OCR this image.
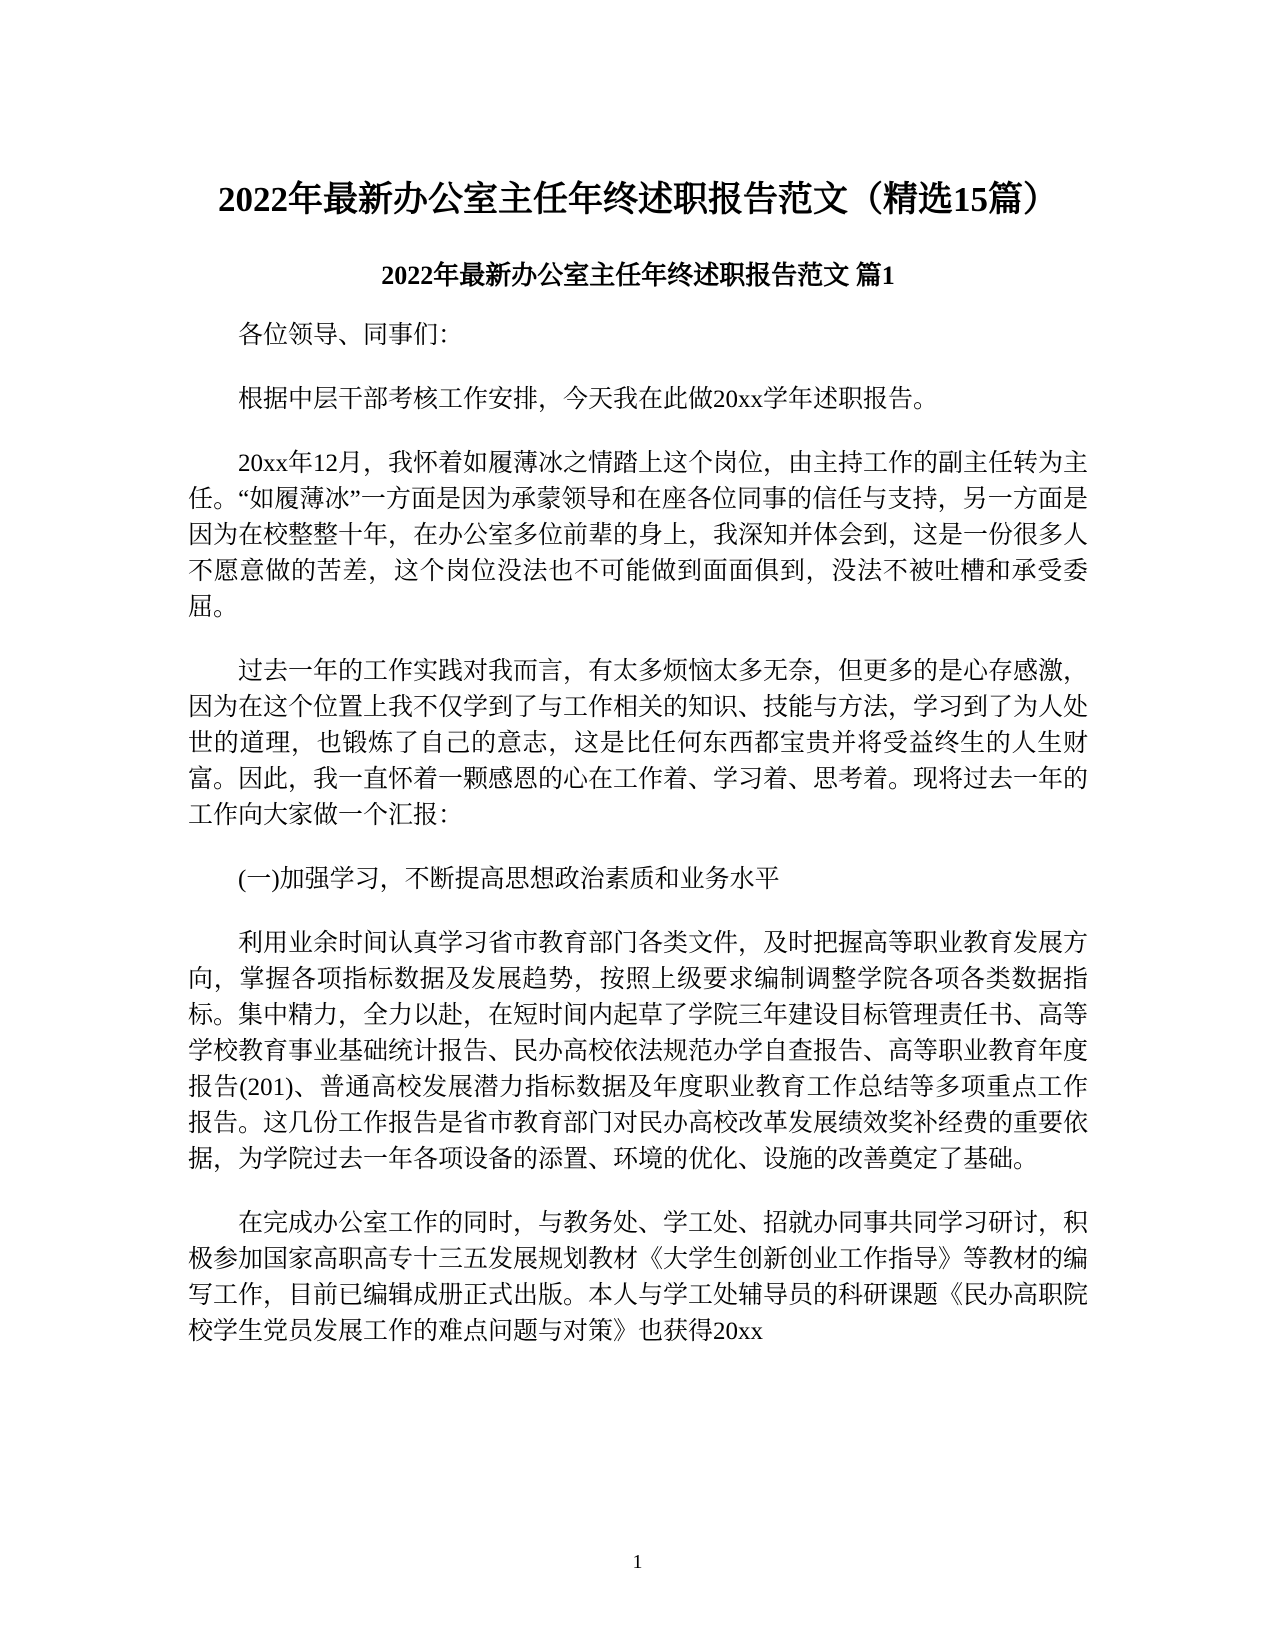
2022年最新办公室主任年终述职报告范文（精选15篇）
2022年最新办公室主任年终述职报告范文 篇1

各位领导、同事们：

根据中层干部考核工作安排，今天我在此做20xx学年述职报告。

20xx年12月，我怀着如履薄冰之情踏上这个岗位，由主持工作的副主任转为主任。“如履薄冰”一方面是因为承蒙领导和在座各位同事的信任与支持，另一方面是因为在校整整十年，在办公室多位前辈的身上，我深知并体会到，这是一份很多人不愿意做的苦差，这个岗位没法也不可能做到面面俱到，没法不被吐槽和承受委屈。

过去一年的工作实践对我而言，有太多烦恼太多无奈，但更多的是心存感激，因为在这个位置上我不仅学到了与工作相关的知识、技能与方法，学习到了为人处世的道理，也锻炼了自己的意志，这是比任何东西都宝贵并将受益终生的人生财富。因此，我一直怀着一颗感恩的心在工作着、学习着、思考着。现将过去一年的工作向大家做一个汇报：

(一)加强学习，不断提高思想政治素质和业务水平

利用业余时间认真学习省市教育部门各类文件，及时把握高等职业教育发展方向，掌握各项指标数据及发展趋势，按照上级要求编制调整学院各项各类数据指标。集中精力，全力以赴，在短时间内起草了学院三年建设目标管理责任书、高等学校教育事业基础统计报告、民办高校依法规范办学自查报告、高等职业教育年度报告(201)、普通高校发展潜力指标数据及年度职业教育工作总结等多项重点工作报告。这几份工作报告是省市教育部门对民办高校改革发展绩效奖补经费的重要依据，为学院过去一年各项设备的添置、环境的优化、设施的改善奠定了基础。

在完成办公室工作的同时，与教务处、学工处、招就办同事共同学习研讨，积极参加国家高职高专十三五发展规划教材《大学生创新创业工作指导》等教材的编写工作，目前已编辑成册正式出版。本人与学工处辅导员的科研课题《民办高职院校学生党员发展工作的难点问题与对策》也获得20xx

1
